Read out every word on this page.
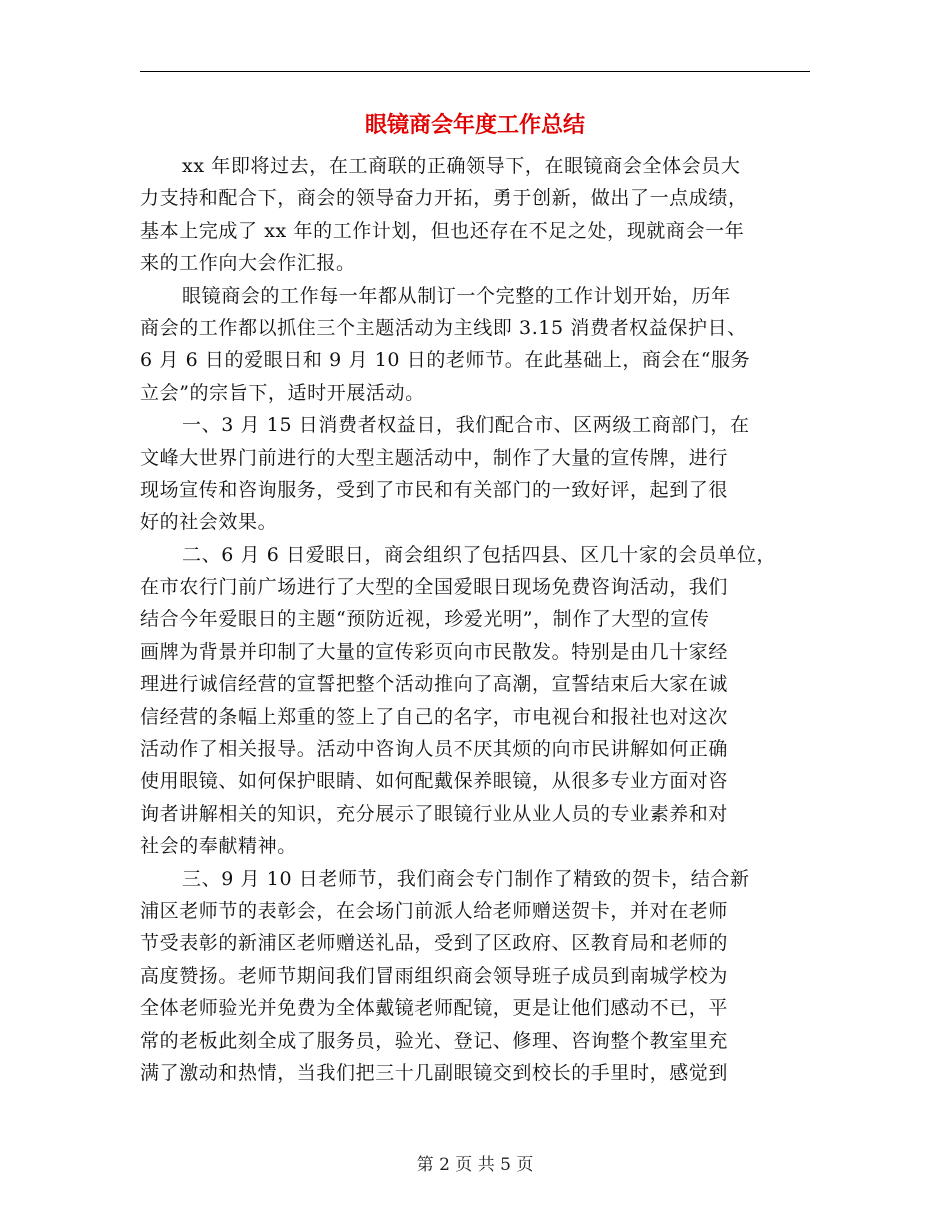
眼镜商会年度工作总结
xx 年即将过去，在工商联的正确领导下，在眼镜商会全体会员大
力支持和配合下，商会的领导奋力开拓，勇于创新，做出了一点成绩，
基本上完成了 xx 年的工作计划，但也还存在不足之处，现就商会一年
来的工作向大会作汇报。
眼镜商会的工作每一年都从制订一个完整的工作计划开始，历年
商会的工作都以抓住三个主题活动为主线即 3.15 消费者权益保护日、
6 月 6 日的爱眼日和 9 月 10 日的老师节。在此基础上，商会在“服务
立会”的宗旨下，适时开展活动。
一、3 月 15 日消费者权益日，我们配合市、区两级工商部门，在
文峰大世界门前进行的大型主题活动中，制作了大量的宣传牌，进行
现场宣传和咨询服务，受到了市民和有关部门的一致好评，起到了很
好的社会效果。
二、6 月 6 日爱眼日，商会组织了包括四县、区几十家的会员单位，
在市农行门前广场进行了大型的全国爱眼日现场免费咨询活动，我们
结合今年爱眼日的主题“预防近视，珍爱光明”，制作了大型的宣传
画牌为背景并印制了大量的宣传彩页向市民散发。特别是由几十家经
理进行诚信经营的宣誓把整个活动推向了高潮，宣誓结束后大家在诚
信经营的条幅上郑重的签上了自己的名字，市电视台和报社也对这次
活动作了相关报导。活动中咨询人员不厌其烦的向市民讲解如何正确
使用眼镜、如何保护眼睛、如何配戴保养眼镜，从很多专业方面对咨
询者讲解相关的知识，充分展示了眼镜行业从业人员的专业素养和对
社会的奉献精神。
三、9 月 10 日老师节，我们商会专门制作了精致的贺卡，结合新
浦区老师节的表彰会，在会场门前派人给老师赠送贺卡，并对在老师
节受表彰的新浦区老师赠送礼品，受到了区政府、区教育局和老师的
高度赞扬。老师节期间我们冒雨组织商会领导班子成员到南城学校为
全体老师验光并免费为全体戴镜老师配镜，更是让他们感动不已，平
常的老板此刻全成了服务员，验光、登记、修理、咨询整个教室里充
满了激动和热情，当我们把三十几副眼镜交到校长的手里时，感觉到
第 2 页 共 5 页
